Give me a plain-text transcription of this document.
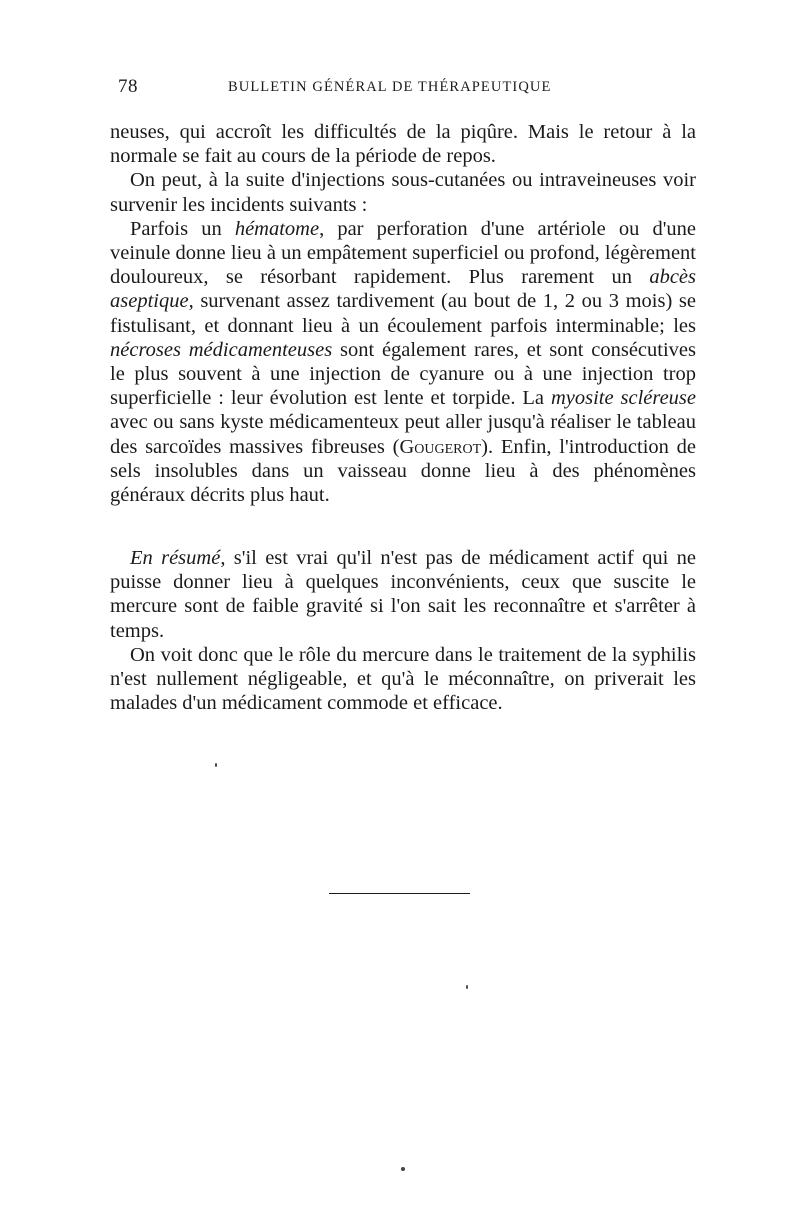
78	BULLETIN GÉNÉRAL DE THÉRAPEUTIQUE

neuses, qui accroît les difficultés de la piqûre. Mais le retour à la normale se fait au cours de la période de repos.

On peut, à la suite d'injections sous-cutanées ou intraveineuses voir survenir les incidents suivants :

Parfois un hématome, par perforation d'une artériole ou d'une veinule donne lieu à un empâtement superficiel ou profond, légèrement douloureux, se résorbant rapidement. Plus rarement un abcès aseptique, survenant assez tardivement (au bout de 1, 2 ou 3 mois) se fistulisant, et donnant lieu à un écoulement parfois interminable; les nécroses médicamenteuses sont également rares, et sont consécutives le plus souvent à une injection de cyanure ou à une injection trop superficielle : leur évolution est lente et torpide. La myosite scléreuse avec ou sans kyste médicamenteux peut aller jusqu'à réaliser le tableau des sarcoïdes massives fibreuses (Gougerot). Enfin, l'introduction de sels insolubles dans un vaisseau donne lieu à des phénomènes généraux décrits plus haut.

En résumé, s'il est vrai qu'il n'est pas de médicament actif qui ne puisse donner lieu à quelques inconvénients, ceux que suscite le mercure sont de faible gravité si l'on sait les reconnaître et s'arrêter à temps.

On voit donc que le rôle du mercure dans le traitement de la syphilis n'est nullement négligeable, et qu'à le méconnaître, on priverait les malades d'un médicament commode et efficace.
